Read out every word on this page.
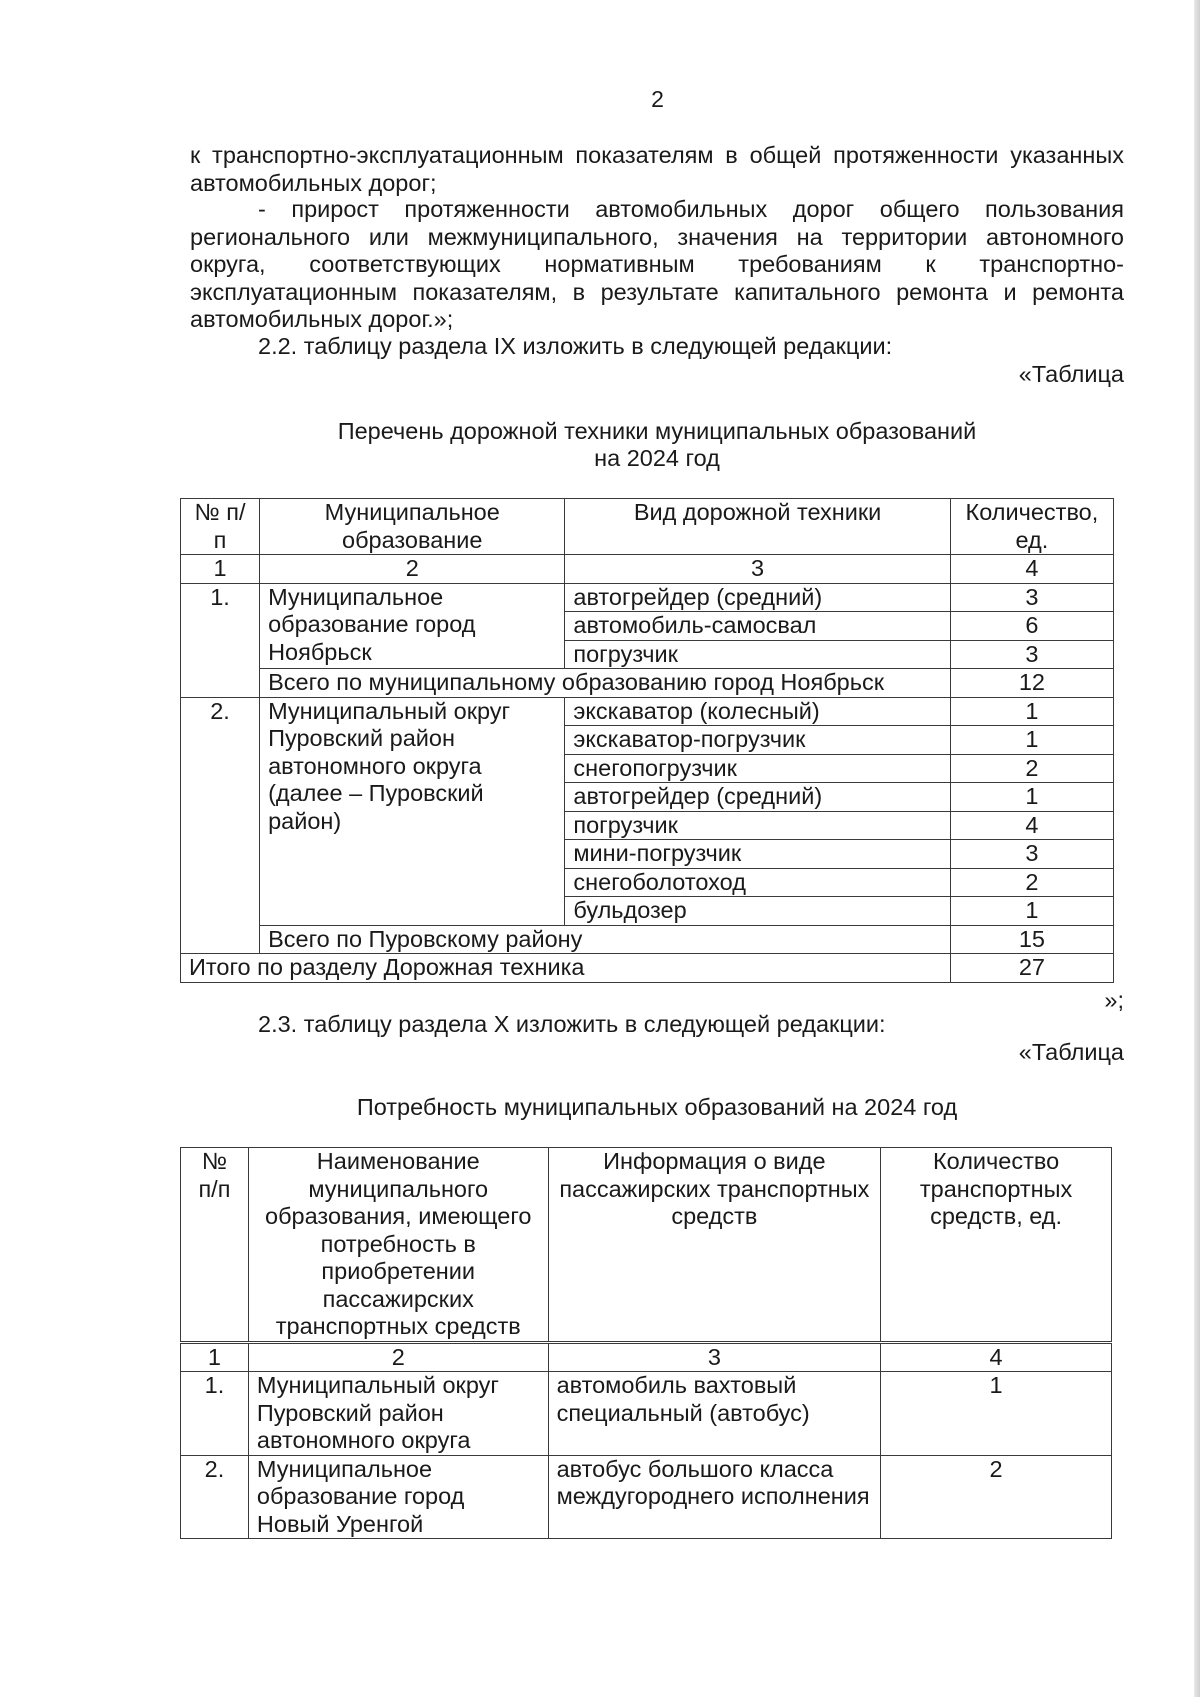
2
к транспортно-эксплуатационным показателям в общей протяженности указанных автомобильных дорог;
- прирост протяженности автомобильных дорог общего пользования регионального или межмуниципального, значения на территории автономного округа, соответствующих нормативным требованиям к транспортно-эксплуатационным показателям, в результате капитального ремонта и ремонта автомобильных дорог.»;
2.2. таблицу раздела IX изложить в следующей редакции:
«Таблица
Перечень дорожной техники муниципальных образований
на 2024 год
№ п/п	Муниципальное образование	Вид дорожной техники	Количество, ед.
1	2	3	4
1.	Муниципальное образование город Ноябрьск	автогрейдер (средний)	3
		автомобиль-самосвал	6
		погрузчик	3
	Всего по муниципальному образованию город Ноябрьск		12
2.	Муниципальный округ Пуровский район автономного округа (далее – Пуровский район)	экскаватор (колесный)	1
		экскаватор-погрузчик	1
		снегопогрузчик	2
		автогрейдер (средний)	1
		погрузчик	4
		мини-погрузчик	3
		снегоболотоход	2
		бульдозер	1
	Всего по Пуровскому району		15
Итого по разделу Дорожная техника			27
»;
2.3. таблицу раздела X изложить в следующей редакции:
«Таблица
Потребность муниципальных образований на 2024 год
№ п/п	Наименование муниципального образования, имеющего потребность в приобретении пассажирских транспортных средств	Информация о виде пассажирских транспортных средств	Количество транспортных средств, ед.
1	2	3	4
1.	Муниципальный округ Пуровский район автономного округа	автомобиль вахтовый специальный (автобус)	1
2.	Муниципальное образование город Новый Уренгой	автобус большого класса междугороднего исполнения	2
